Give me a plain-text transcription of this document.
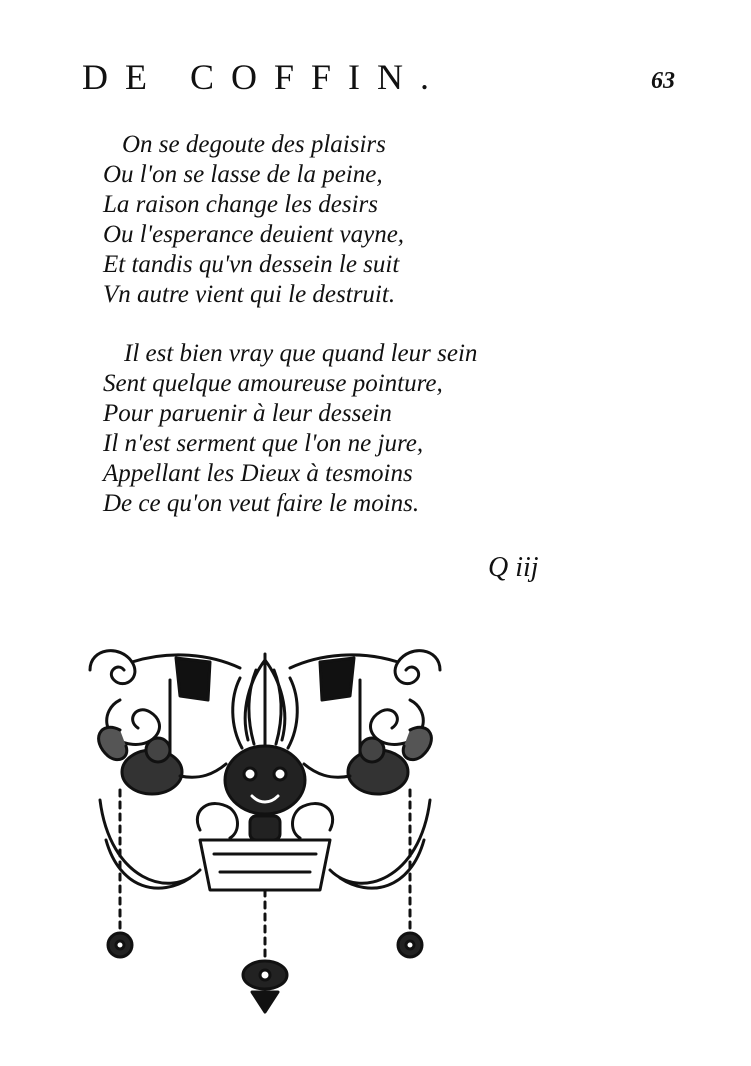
DE COFFIN.	63
On se degoute des plaisirs
Ou l'on se lasse de la peine,
La raison change les desirs
Ou l'esperance deuient vayne,
Et tandis qu'vn dessein le suit
Vn autre vient qui le destruit.
Il est bien vray que quand leur sein
Sent quelque amoureuse pointure,
Pour paruenir à leur dessein
Il n'est serment que l'on ne jure,
Appellant les Dieux à tesmoins
De ce qu'on veut faire le moins.
Q iij
